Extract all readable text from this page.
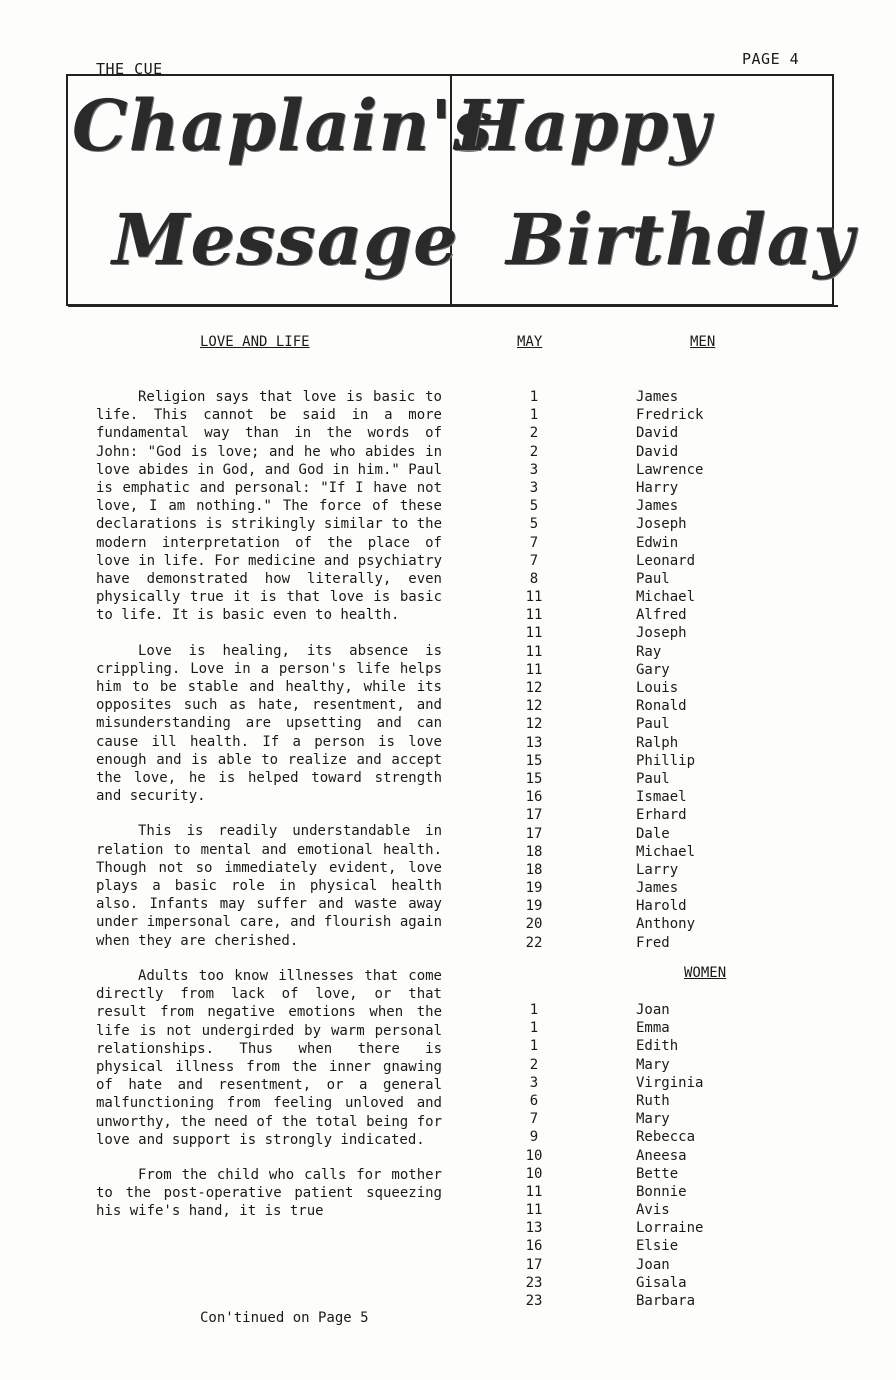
THE CUE
PAGE 4
Chaplain's
Happy
Message Birthday
LOVE AND LIFE	MAY	MEN
WOMEN

Religion says that love is basic to life. This cannot be said in a more fundamental way than in the words of John: "God is love; and he who abides in love abides in God, and God in him." Paul is emphatic and personal: "If I have not love, I am nothing." The force of these declarations is strikingly similar to the modern interpretation of the place of love in life. For medicine and psychiatry have demonstrated how literally, even physically true it is that love is basic to life. It is basic even to health.

Love is healing, its absence is crippling. Love in a person's life helps him to be stable and healthy, while its opposites such as hate, resentment, and misunderstanding are upsetting and can cause ill health. If a person is love enough and is able to realize and accept the love, he is helped toward strength and security.

This is readily understandable in relation to mental and emotional health. Though not so immediately evident, love plays a basic role in physical health also. Infants may suffer and waste away under impersonal care, and flourish again when they are cherished.

Adults too know illnesses that come directly from lack of love, or that result from negative emotions when the life is not undergirded by warm personal relationships. Thus when there is physical illness from the inner gnawing of hate and resentment, or a general malfunctioning from feeling unloved and unworthy, the need of the total being for love and support is strongly indicated.

From the child who calls for mother to the post-operative patient squeezing his wife's hand, it is true

Con'tinued on Page 5
1	James
1	Fredrick
2	David
2	David
3	Lawrence
3	Harry
5	James
5	Joseph
7	Edwin
7	Leonard
8	Paul
11	Michael
11	Alfred
11	Joseph
11	Ray
11	Gary
12	Louis
12	Ronald
12	Paul
13	Ralph
15	Phillip
15	Paul
16	Ismael
17	Erhard
17	Dale
18	Michael
18	Larry
19	James
19	Harold
20	Anthony
22	Fred
1	Joan
1	Emma
1	Edith
2	Mary
3	Virginia
6	Ruth
7	Mary
9	Rebecca
10	Aneesa
10	Bette
11	Bonnie
11	Avis
13	Lorraine
16	Elsie
17	Joan
23	Gisala
23	Barbara
